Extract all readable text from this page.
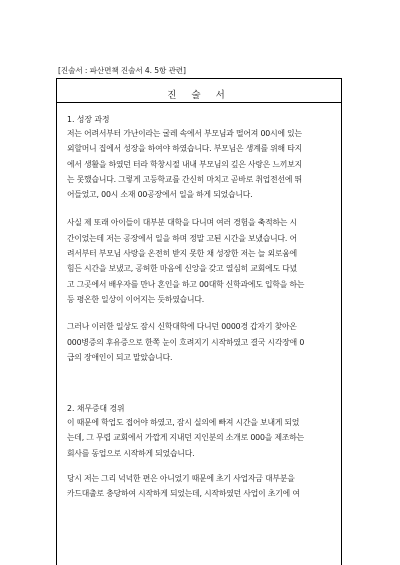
[진술서 : 파산면책 진술서 4. 5항 관련]
진 술 서

1. 성장 과정

저는 어려서부터 가난이라는 굴레 속에서 부모님과 떨어져 00시에 있는
외할머니 집에서 성장을 하여야 하였습니다. 부모님은 생계를 위해 타지
에서 생활을 하였던 터라 학창시절 내내 부모님의 깊은 사랑은 느끼보지
는 못했습니다. 그렇게 고등학교를 간신히 마치고 곧바로 취업전선에 뛰
어들었고, 00시 소재 00공장에서 일을 하게 되었습니다.

사실 제 또래 아이들이 대부분 대학을 다니며 여러 경험을 축적하는 시
간이었는데 저는 공장에서 일을 하며 정말 고된 시간을 보냈습니다. 어
려서부터 부모님 사랑을 온전히 받지 못한 채 성장한 저는 늘 외로움에
힘든 시간을 보냈고, 공허한 마음에 신앙을 갖고 열심히 교회에도 다녔
고 그곳에서 배우자를 만나 혼인을 하고 00대학 신학과에도 입학을 하는
등 평온한 일상이 이어지는 듯하였습니다.

그러나 이러한 일상도 잠시 신학대학에 다니던 0000경 갑자기 찾아온
000병증의 후유증으로 한쪽 눈이 흐려지기 시작하였고 결국 시각장애 0
급의 장애인이 되고 말았습니다.

2. 채무증대 경위

이 때문에 학업도 접어야 하였고, 잠시 실의에 빠져 시간을 보내게 되었
는데, 그 무렵 교회에서 가깝게 지내던 지인분의 소개로 000을 제조하는
회사를 동업으로 시작하게 되었습니다.

당시 저는 그리 넉넉한 편은 아니었기 때문에 초기 사업자금 대부분을
카드대출로 충당하여 시작하게 되었는데, 시작하였던 사업이 초기에 여
